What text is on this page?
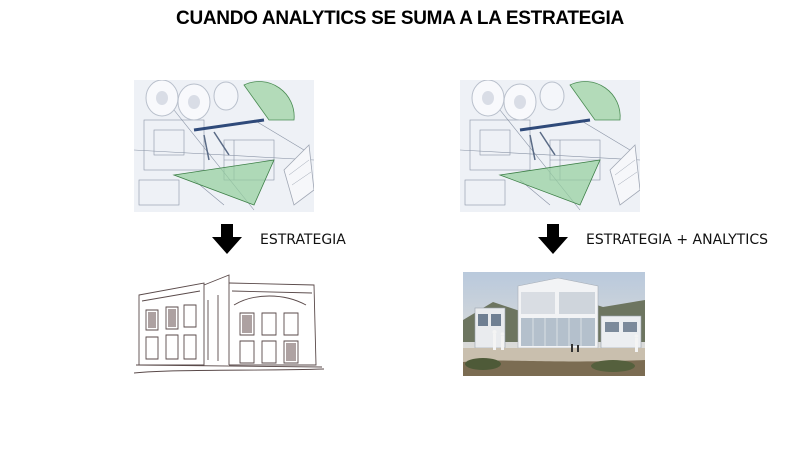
CUANDO ANALYTICS SE SUMA A LA ESTRATEGIA
ESTRATEGIA	ESTRATEGIA + ANALYTICS
